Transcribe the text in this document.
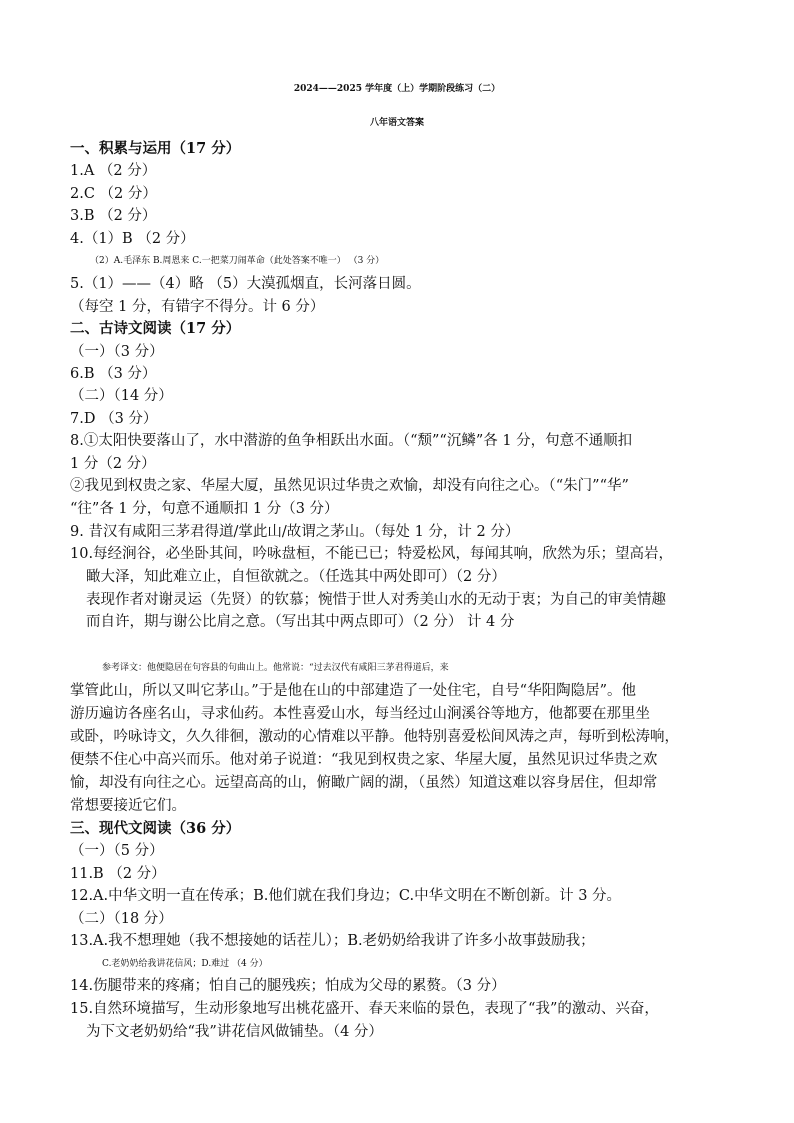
2024——2025 学年度（上）学期阶段练习（二）
八年语文答案
一、积累与运用（17 分）
1.A （2 分）
2.C （2 分）
3.B （2 分）
4.（1）B （2 分）
（2）A.毛泽东 B.周恩来 C.一把菜刀闹革命（此处答案不唯一） （3 分）
5.（1）——（4）略 （5）大漠孤烟直，长河落日圆。
（每空 1 分，有错字不得分。计 6 分）
二、古诗文阅读（17 分）
（一）（3 分）
6.B （3 分）
（二）（14 分）
7.D （3 分）
8.①太阳快要落山了，水中潜游的鱼争相跃出水面。（“颓”“沉鳞”各 1 分，句意不通顺扣
1 分（2 分）
②我见到权贵之家、华屋大厦，虽然见识过华贵之欢愉，却没有向往之心。（“朱门”“华”
“往”各 1 分，句意不通顺扣 1 分（3 分）
9. 昔汉有咸阳三茅君得道/掌此山/故谓之茅山。（每处 1 分，计 2 分）
10.每经涧谷，必坐卧其间，吟咏盘桓，不能已已；特爱松风，每闻其响，欣然为乐；望高岩，
瞰大泽，知此难立止，自恒欲就之。（任选其中两处即可）（2 分）
表现作者对谢灵运（先贤）的钦慕；惋惜于世人对秀美山水的无动于衷；为自己的审美情趣
而自许，期与谢公比肩之意。（写出其中两点即可）（2 分） 计 4 分
参考译文：他便隐居在句容县的句曲山上。他常说：“过去汉代有咸阳三茅君得道后，来
掌管此山，所以又叫它茅山。”于是他在山的中部建造了一处住宅，自号“华阳陶隐居”。他
游历遍访各座名山，寻求仙药。本性喜爱山水，每当经过山涧溪谷等地方，他都要在那里坐
或卧，吟咏诗文，久久徘徊，激动的心情难以平静。他特别喜爱松间风涛之声，每听到松涛响，
便禁不住心中高兴而乐。他对弟子说道：“我见到权贵之家、华屋大厦，虽然见识过华贵之欢
愉，却没有向往之心。远望高高的山，俯瞰广阔的湖，（虽然）知道这难以容身居住，但却常
常想要接近它们。
三、现代文阅读（36 分）
（一）（5 分）
11.B （2 分）
12.A.中华文明一直在传承；B.他们就在我们身边；C.中华文明在不断创新。计 3 分。
（二）（18 分）
13.A.我不想理她（我不想接她的话茬儿）；B.老奶奶给我讲了许多小故事鼓励我；
C.老奶奶给我讲花信风；D.难过 （4 分）
14.伤腿带来的疼痛；怕自己的腿残疾；怕成为父母的累赘。（3 分）
15.自然环境描写，生动形象地写出桃花盛开、春天来临的景色，表现了“我”的激动、兴奋，
为下文老奶奶给“我”讲花信风做铺垫。（4 分）
